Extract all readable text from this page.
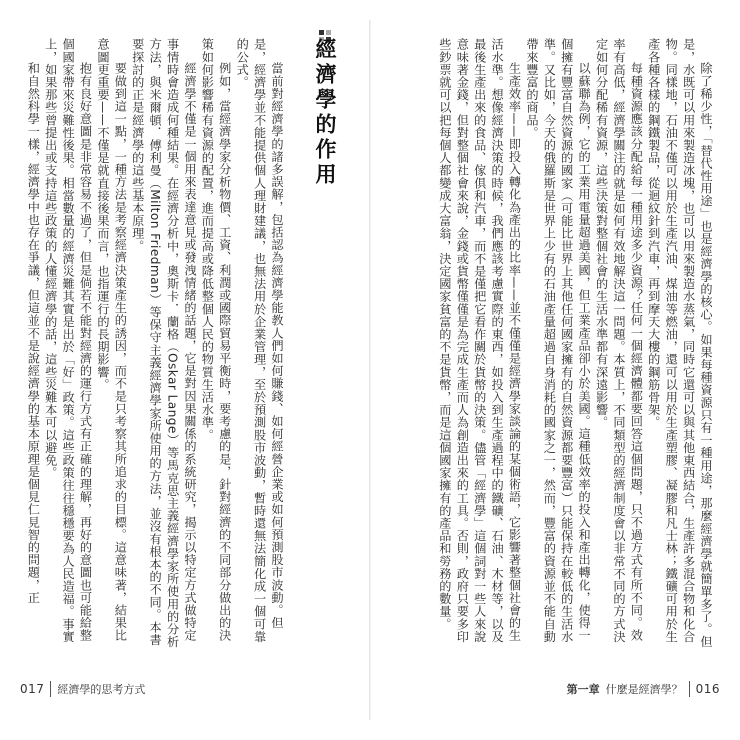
經濟學的作用

當前對經濟學的諸多誤解，包括認為經濟學能教人們如何賺錢、如何經營企業或如何預測股市波動。但是，經濟學並不能提供個人理財建議，也無法用於企業管理，至於預測股市波動，暫時還無法簡化成一個可靠的公式。

例如，當經濟學家分析物價、工資、利潤或國際貿易平衡時，要考慮的是，針對經濟的不同部分做出的決策如何影響稀有資源的配置，進而提高或降低整個人民的物質生活水準。

經濟學不僅是一個用來表達意見或發洩情緒的話題，它是對因果關係的系統研究，揭示以特定方式做特定事情時會造成何種結果。在經濟分析中，奧斯卡．蘭格（Oskar Lange）等馬克思主義經濟學家所使用的分析方法，與米爾頓．傅利曼（Milton Friedman）等保守主義經濟學家所使用的方法，並沒有根本的不同。本書要探討的正是經濟學的這些基本原理。

要做到這一點，一種方法是考察經濟決策產生的誘因，而不是只考察其所追求的目標。這意味著，結果比意圖更重要——不僅是就直接後果而言，也指運行的長期影響。

抱有良好意圖是非常容易不過了，但是倘若不能對經濟的運行方式有正確的理解，再好的意圖也可能給整個國家帶來災難性後果。相當數量的經濟災難其實是出於「好」政策。這些政策往往穩穩要為人民造福。事實上，如果那些曾提出或支持這些政策的人懂經濟學的話，這些災難本可以避免。

和自然科學一樣，經濟學中也存在爭議，但這並不是說經濟學的基本原理是個見仁見智的問題，正

017 經濟學的思考方式

除了稀少性，「替代性用途」也是經濟學的核心。如果每種資源只有一種用途，那麼經濟學就簡單多了。但是，水既可以用來製造冰塊，也可以用來製造水蒸氣，同時它還可以與其他東西結合，生產許多混合物和化合物。同樣地，石油不僅可以用於生產汽油、煤油等燃油，還可以用於生產塑膠、凝膠和凡士林；鐵礦可用於生產各種各樣的鋼鐵製品，從迴紋針到汽車，再到摩天大樓的鋼筋骨架。

每種資源應該分配給每一種用途多少資源？任何一個經濟體都要回答這個問題，只不過方式有所不同。效率有高低，經濟學關注的就是如何有效地解決這一問題。本質上，不同類型的經濟制度會以非常不同的方式決定如何分配稀有資源，這些決策對整個社會的生活水準都有深遠影響。

以蘇聯為例，它的工業用電量超過美國，但工業產品卻小於美國。這種低效率的投入和產出轉化，使得一個擁有豐富自然資源的國家（可能比世界上其他任何國家擁有的自然資源都要豐富）只能保持在較低的生活水準。又比如，今天的俄羅斯是世界上少有的石油產量超過自身消耗的國家之一，然而，豐富的資源並不能自動帶來豐富的商品。

生產效率——即投入轉化為產出的比率——並不僅僅是經濟學家談論的某個術語，它影響著整個社會的生活水準。想像經濟決策的時候，我們應該考慮實際的東西，如投入到生產過程中的鐵礦、石油、木材等，以及最後生產出來的食品、傢俱和汽車，而不是僅把它看作關於貨幣的決策。儘管「經濟學」這個詞對一些人來說意味著金錢，但對整個社會來說，金錢或貨幣僅僅是為完成生產而人為創造出來的工具。否則，政府只要多印些鈔票就可以把每個人都變成大富翁，決定國家貧富的不是貨幣，而是這個國家擁有的產品和勞務的數量。

第一章 什麼是經濟學？ 016
